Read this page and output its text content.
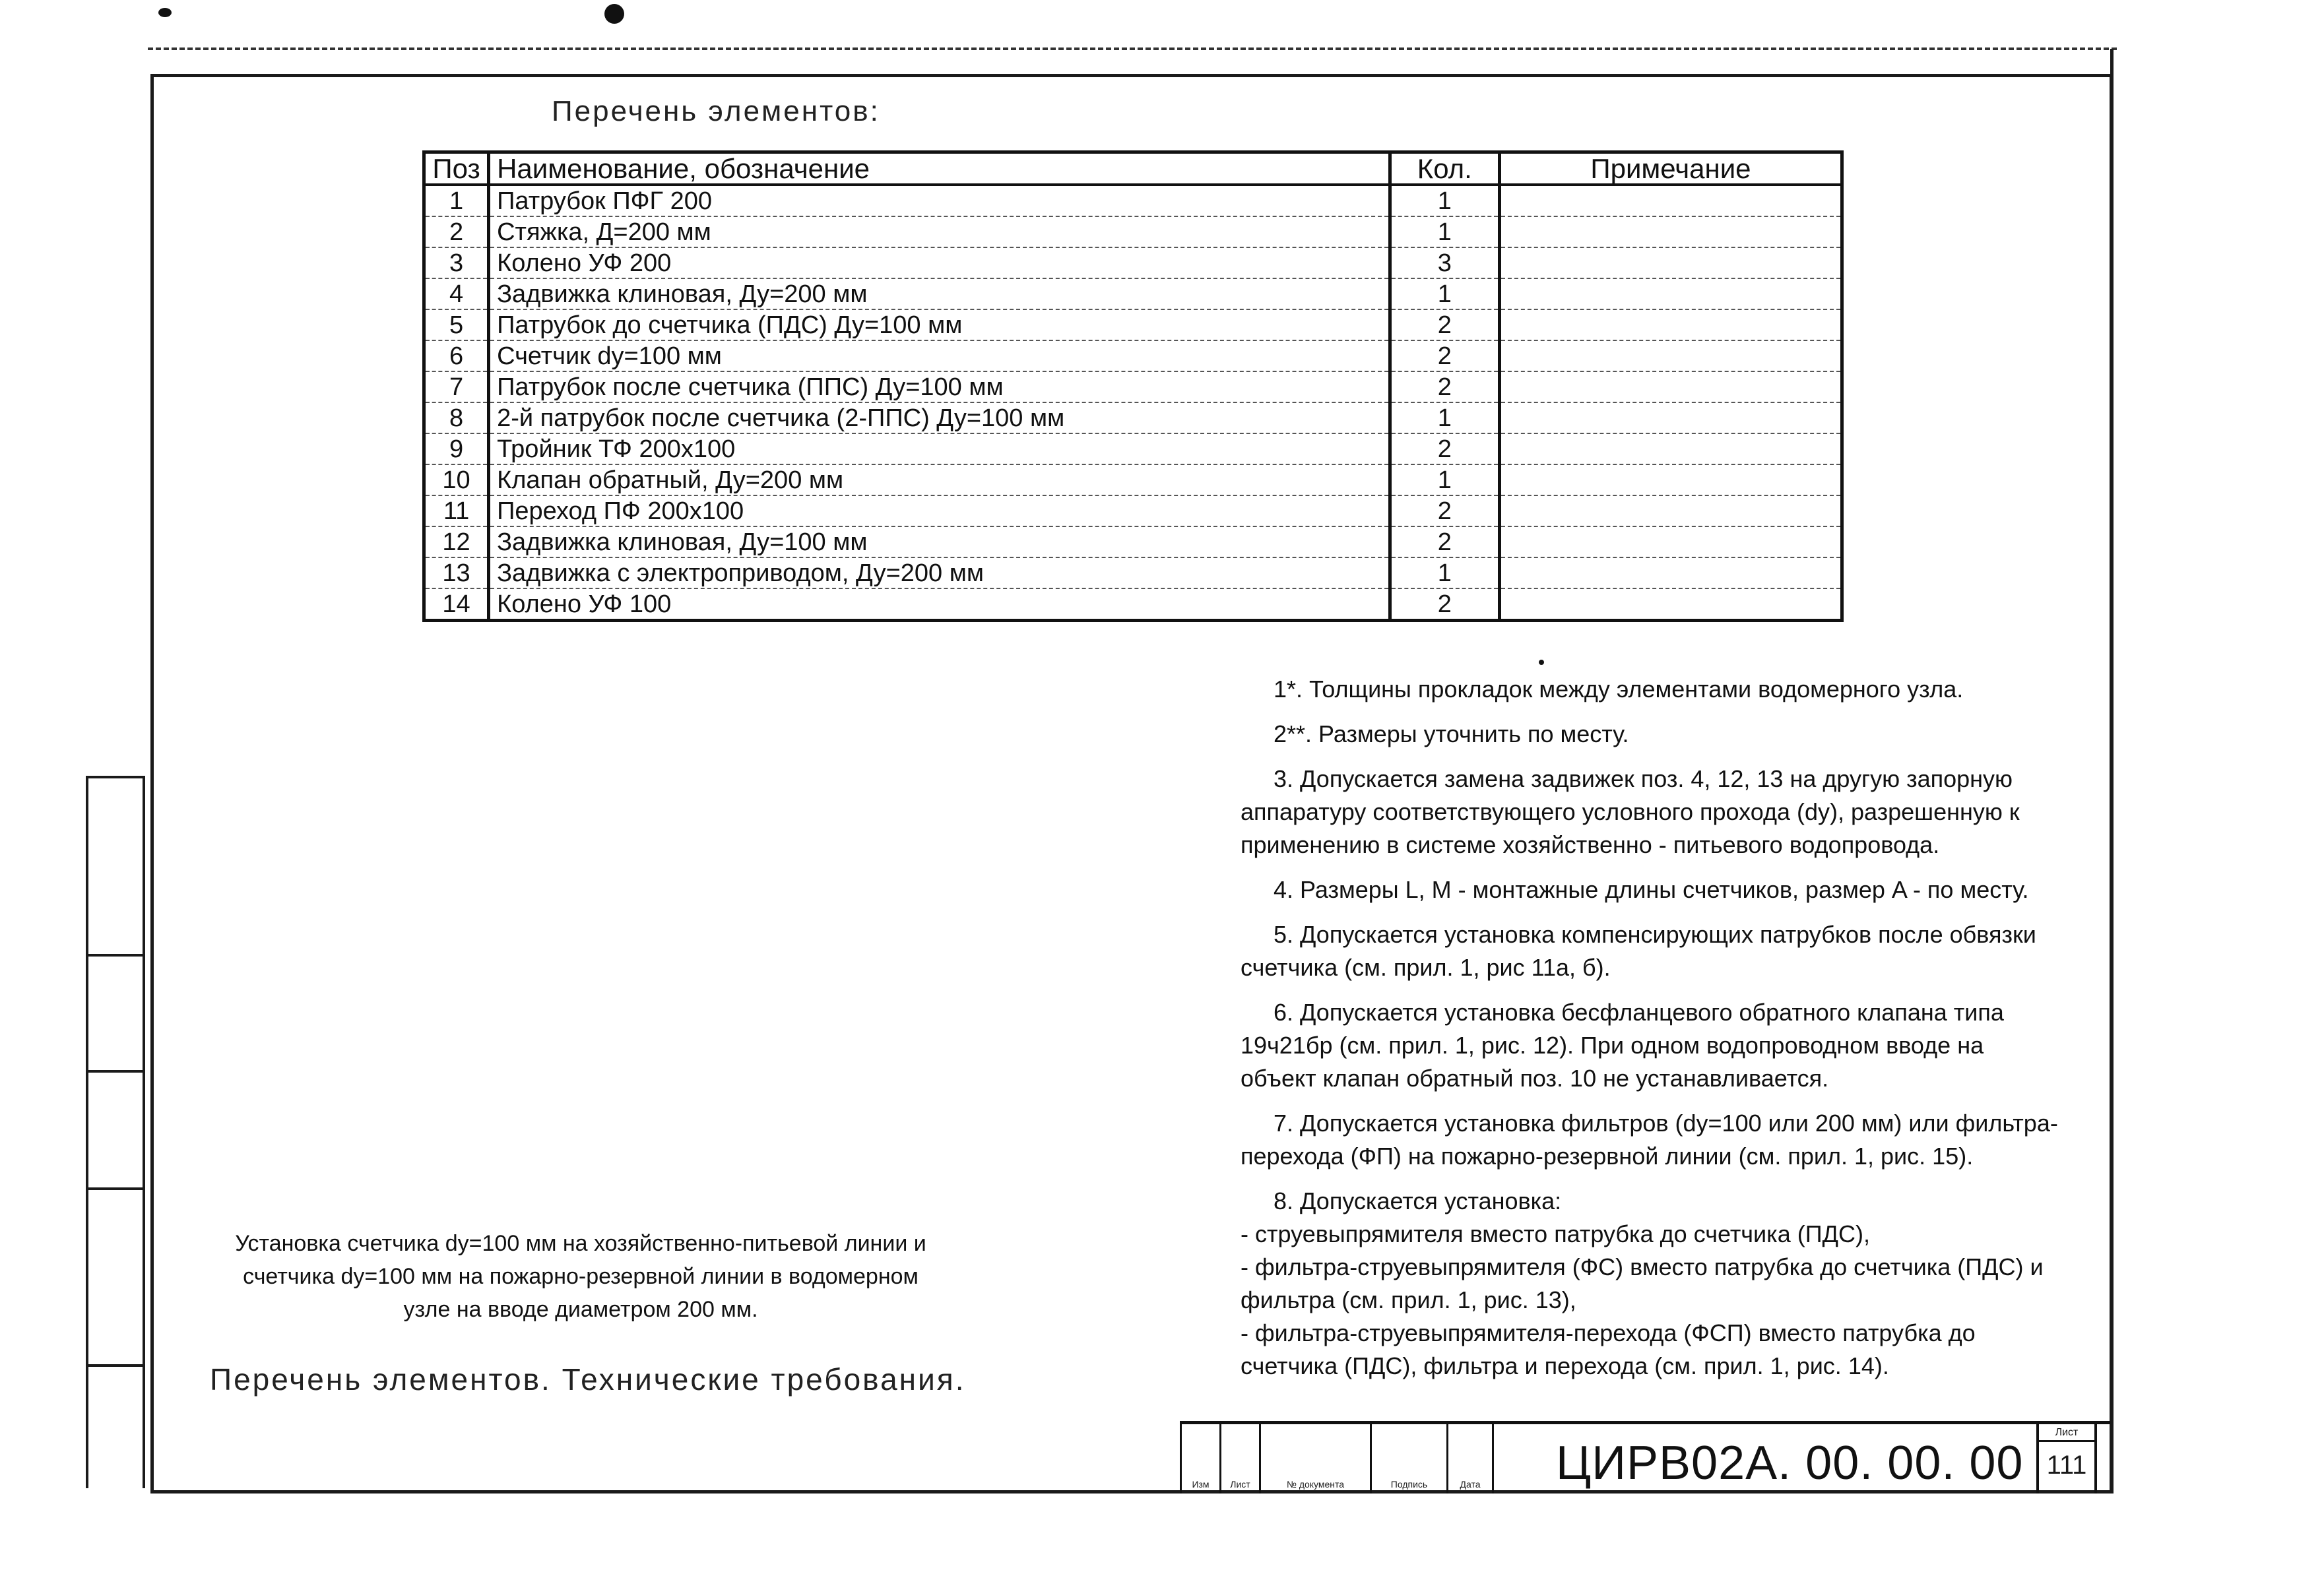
Перечень элементов:
Поз	Наименование, обозначение	Кол.	Примечание
1	Патрубок ПФГ 200	1	
2	Стяжка, Д=200 мм	1	
3	Колено УФ 200	3	
4	Задвижка клиновая, Ду=200 мм	1	
5	Патрубок до счетчика (ПДС) Ду=100 мм	2	
6	Счетчик dy=100 мм	2	
7	Патрубок после счетчика (ППС) Ду=100 мм	2	
8	2-й патрубок после счетчика (2-ППС) Ду=100 мм	1	
9	Тройник ТФ 200х100	2	
10	Клапан обратный, Ду=200 мм	1	
11	Переход ПФ 200х100	2	
12	Задвижка клиновая, Ду=100 мм	2	
13	Задвижка с электроприводом, Ду=200 мм	1	
14	Колено УФ 100	2	

1*. Толщины прокладок между элементами водомерного узла.

2**. Размеры уточнить по месту.

3. Допускается замена задвижек поз. 4, 12, 13 на другую запорную аппаратуру соответствующего условного прохода (dy), разрешенную к применению в системе хозяйственно - питьевого водопровода.

4. Размеры L, M - монтажные длины счетчиков, размер A - по месту.

5. Допускается установка компенсирующих патрубков после обвязки счетчика (см. прил. 1, рис 11а, б).

6. Допускается установка бесфланцевого обратного клапана типа 19ч21бр (см. прил. 1, рис. 12). При одном водопроводном вводе на объект клапан обратный поз. 10 не устанавливается.

7. Допускается установка фильтров (dy=100 или 200 мм) или фильтра-перехода (ФП) на пожарно-резервной линии (см. прил. 1, рис. 15).

8. Допускается установка:

- струевыпрямителя вместо патрубка до счетчика (ПДС),

- фильтра-струевыпрямителя (ФС) вместо патрубка до счетчика (ПДС) и фильтра (см. прил. 1, рис. 13),

- фильтра-струевыпрямителя-перехода (ФСП) вместо патрубка до счетчика (ПДС), фильтра и перехода (см. прил. 1, рис. 14).

Установка счетчика dy=100 мм на хозяйственно-питьевой линии и счетчика dy=100 мм на пожарно-резервной линии в водомерном узле на вводе диаметром 200 мм.
Перечень элементов. Технические требования.
Изм	Лист	№ документа	Подпись	Дата ЦИРВ02А. 00. 00. 00
Лист
111
